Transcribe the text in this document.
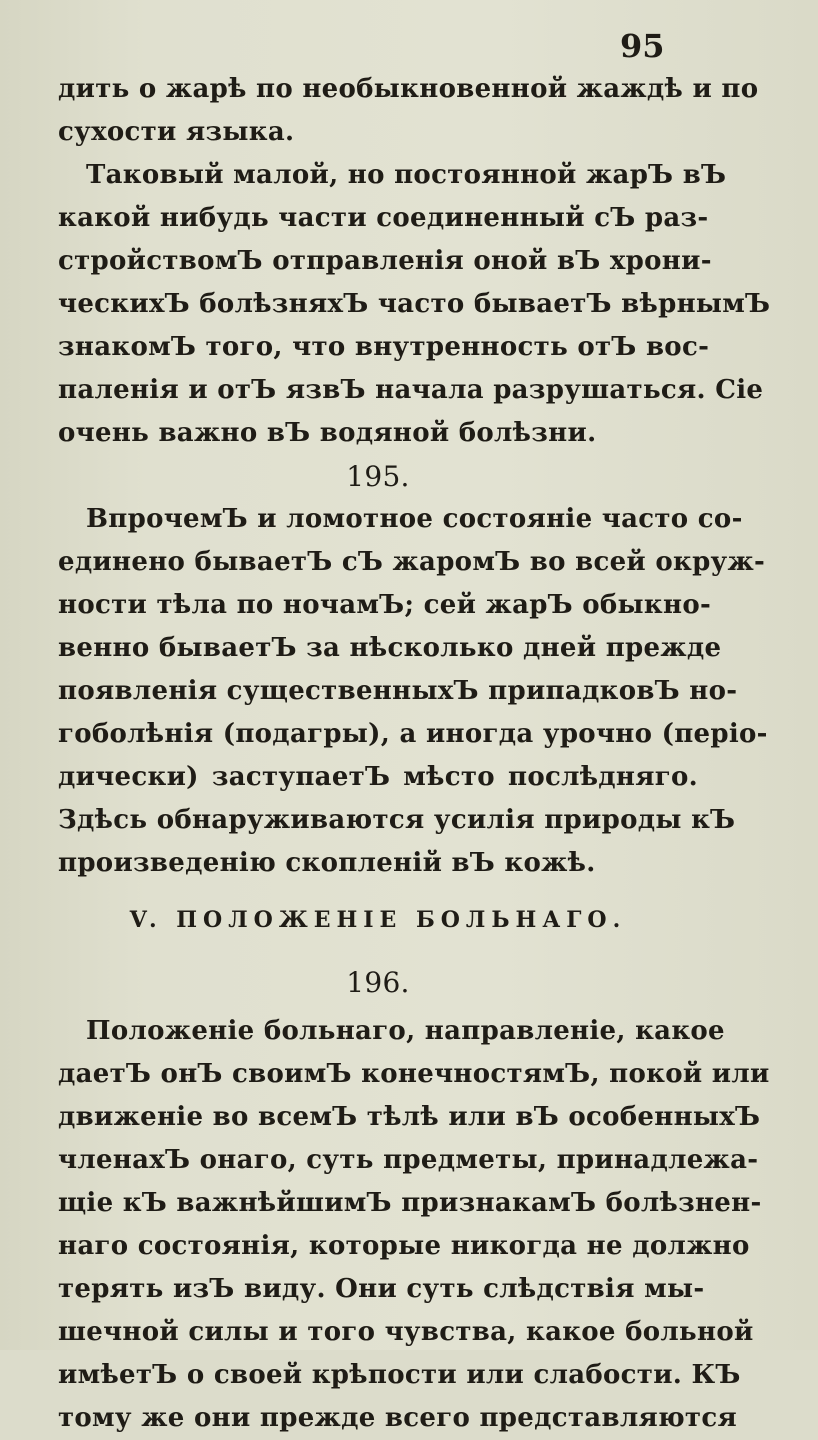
95
дить о жарѣ по необыкновенной жаждѣ и по
сухости языка.
Таковый малой, но постоянной жарЪ вЪ
какой нибудь части соединенный сЪ раз-
стройствомЪ отправленія оной вЪ хрони-
ческихЪ болѣзняхЪ часто бываетЪ вѣрнымЪ
знакомЪ того, что внутренность отЪ вос-
паленія и отЪ язвЪ начала разрушаться. Сіе
очень важно вЪ водяной болѣзни.
195.
ВпрочемЪ и ломотное состояніе часто со-
единено бываетЪ сЪ жаромЪ во всей окруж-
ности тѣла по ночамЪ; сей жарЪ обыкно-
венно бываетЪ за нѣсколько дней прежде
появленія существенныхЪ припадковЪ но-
гоболѣнія (подагры), а иногда урочно (періо-
дически) заступаетЪ мѣсто послѣдняго.
Здѣсь обнаруживаются усилія природы кЪ
произведенію скопленій вЪ кожѣ.
V. ПОЛОЖЕНІЕ БОЛЬНАГО.
196.
Положеніе больнаго, направленіе, какое
даетЪ онЪ своимЪ конечностямЪ, покой или
движеніе во всемЪ тѣлѣ или вЪ особенныхЪ
членахЪ онаго, суть предметы, принадлежа-
щіе кЪ важнѣйшимЪ признакамЪ болѣзнен-
наго состоянія, которые никогда не должно
терять изЪ виду. Они суть слѣдствія мы-
шечной силы и того чувства, какое больной
имѣетЪ о своей крѣпости или слабости. КЪ
тому же они прежде всего представляются
